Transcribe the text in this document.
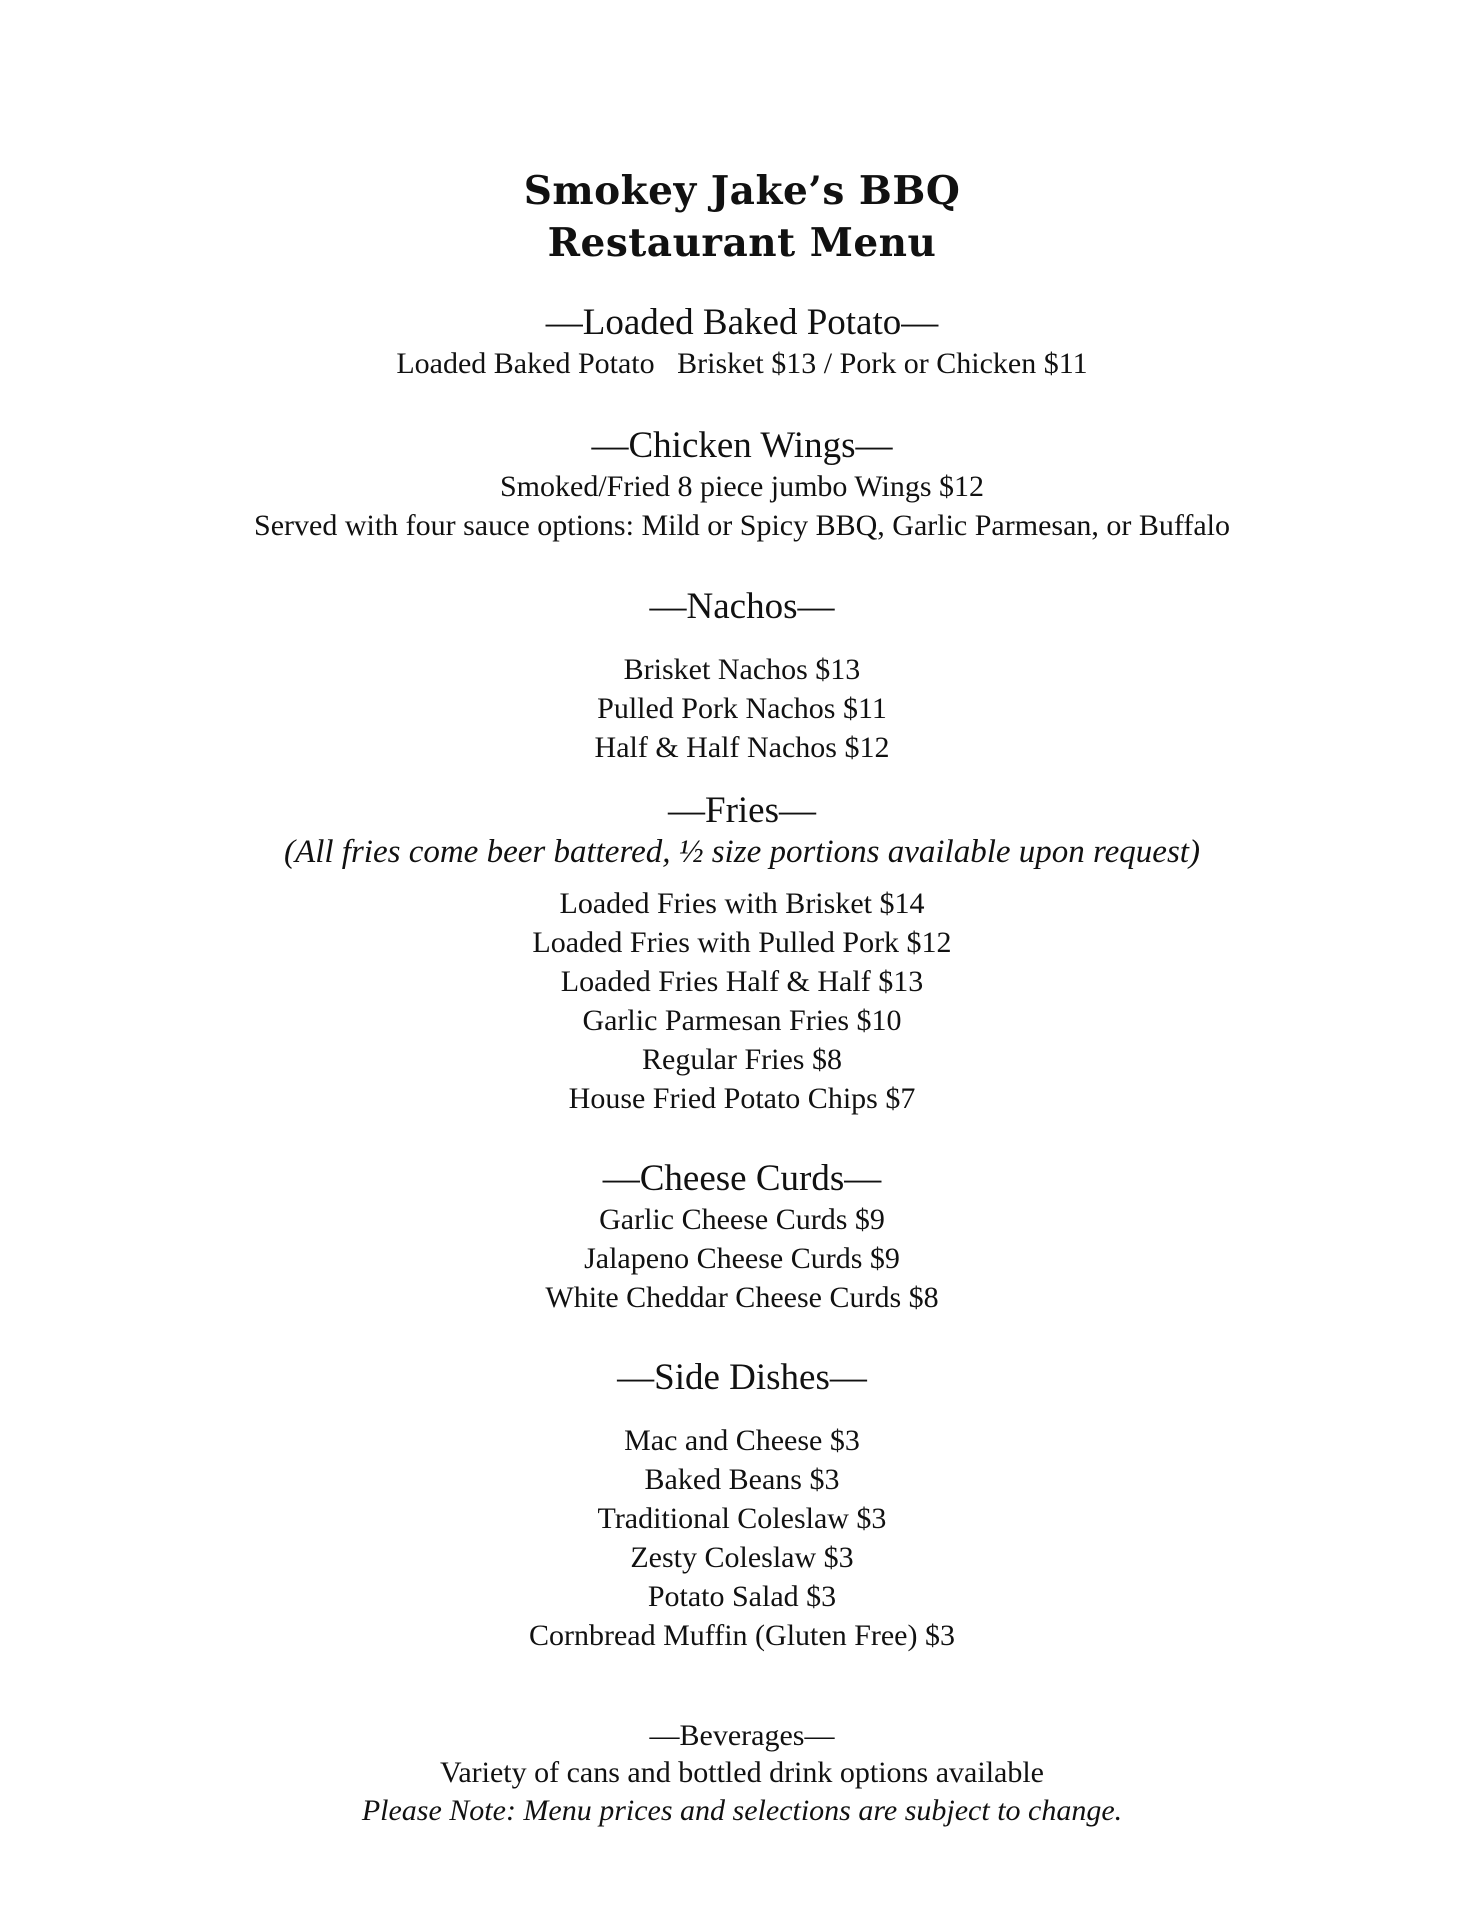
Smokey Jake’s BBQ
Restaurant Menu
—Loaded Baked Potato—
Loaded Baked Potato   Brisket $13 / Pork or Chicken $11
—Chicken Wings—
Smoked/Fried 8 piece jumbo Wings $12
Served with four sauce options: Mild or Spicy BBQ, Garlic Parmesan, or Buffalo
—Nachos—
Brisket Nachos $13
Pulled Pork Nachos $11
Half & Half Nachos $12
—Fries—
(All fries come beer battered, ½ size portions available upon request)
Loaded Fries with Brisket $14
Loaded Fries with Pulled Pork $12
Loaded Fries Half & Half $13
Garlic Parmesan Fries $10
Regular Fries $8
House Fried Potato Chips $7
—Cheese Curds—
Garlic Cheese Curds $9
Jalapeno Cheese Curds $9
White Cheddar Cheese Curds $8
—Side Dishes—
Mac and Cheese $3
Baked Beans $3
Traditional Coleslaw $3
Zesty Coleslaw $3
Potato Salad $3
Cornbread Muffin (Gluten Free) $3
—Beverages—
Variety of cans and bottled drink options available
Please Note: Menu prices and selections are subject to change.
